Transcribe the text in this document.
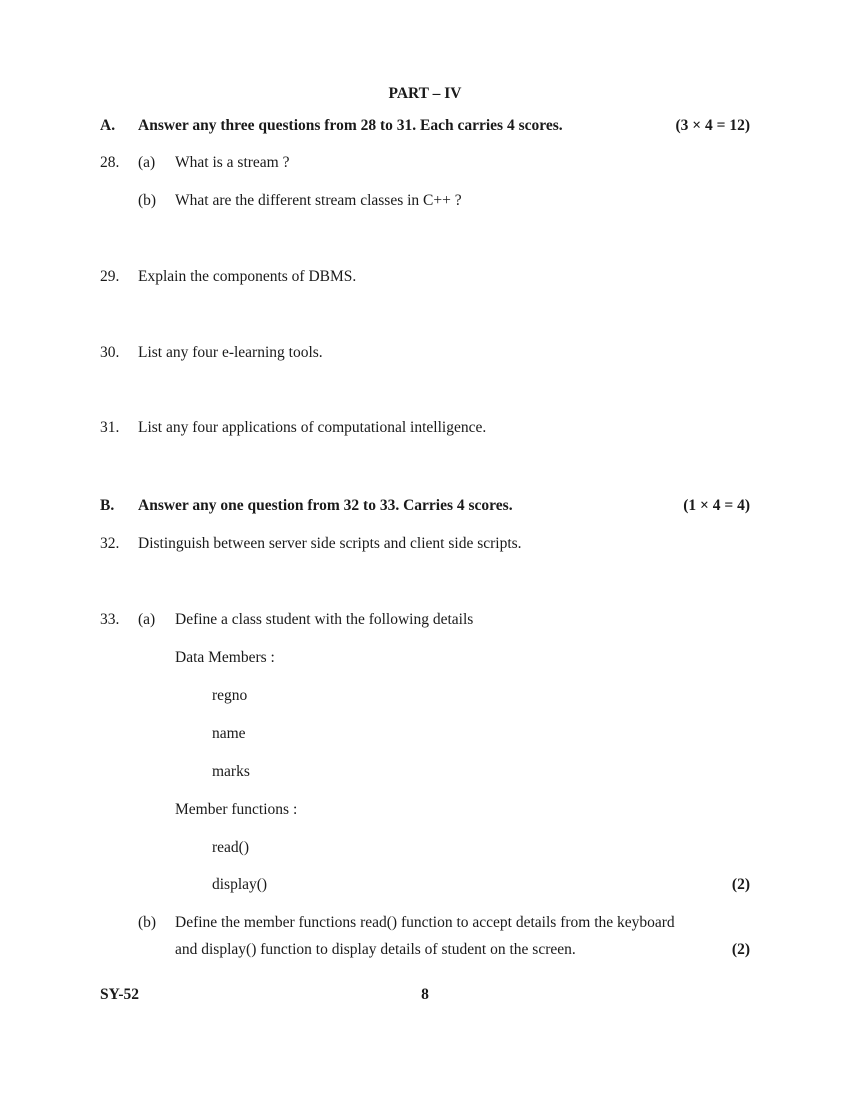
PART – IV
A. Answer any three questions from 28 to 31. Each carries 4 scores.	(3 × 4 = 12)
28. (a) What is a stream ?
(b) What are the different stream classes in C++ ?
29. Explain the components of DBMS.
30. List any four e-learning tools.
31. List any four applications of computational intelligence.
B. Answer any one question from 32 to 33. Carries 4 scores.	(1 × 4 = 4)
32. Distinguish between server side scripts and client side scripts.
33. (a) Define a class student with the following details
Data Members :
regno
name
marks
Member functions :
read()
display()	(2)
(b) Define the member functions read() function to accept details from the keyboard
and display() function to display details of student on the screen.	(2)
SY-52	8
